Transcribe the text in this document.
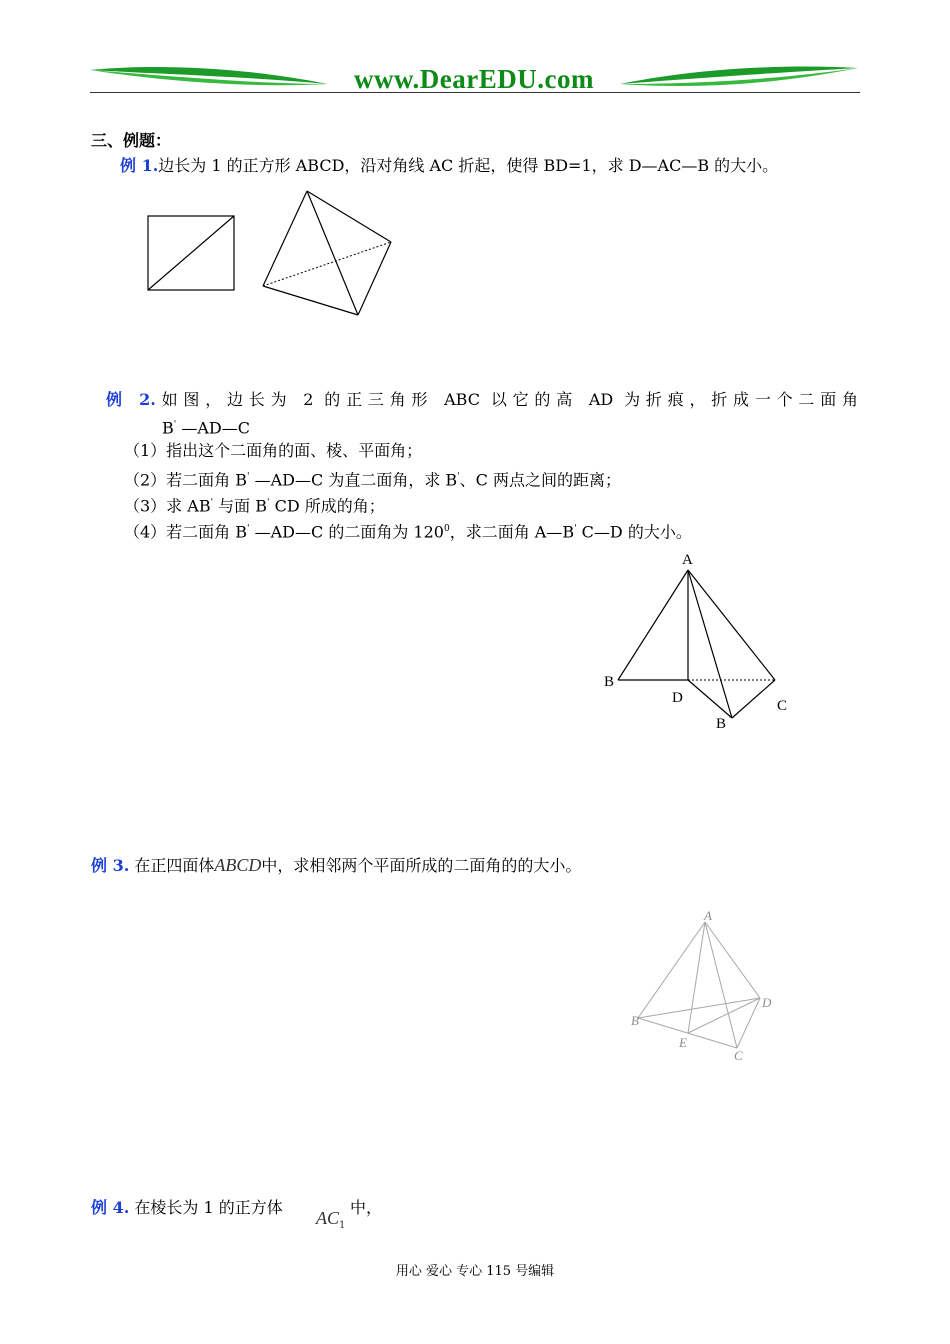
www.DearEDU.com
三、例题：
例 1.边长为 1 的正方形 ABCD，沿对角线 AC 折起，使得 BD=1，求 D—AC—B 的大小。
例 2.如图，边长为 2 的正三角形 ABC 以它的高 AD 为折痕，折成一个二面角
B' —AD—C
（1）指出这个二面角的面、棱、平面角；
（2）若二面角 B' —AD—C 为直二面角，求 B'、C 两点之间的距离；
（3）求 AB' 与面 B' CD 所成的角；
（4）若二面角 B' —AD—C 的二面角为 $120^0$，求二面角 A—B' C—D 的大小。
A
B
D	C
B '
例 3. 在正四面体ABCD中，求相邻两个平面所成的二面角的的大小。
A
B
E
C
D
例 4. 在棱长为 1 的正方体
$AC_1$
中，
用心 爱心 专心 115 号编辑
